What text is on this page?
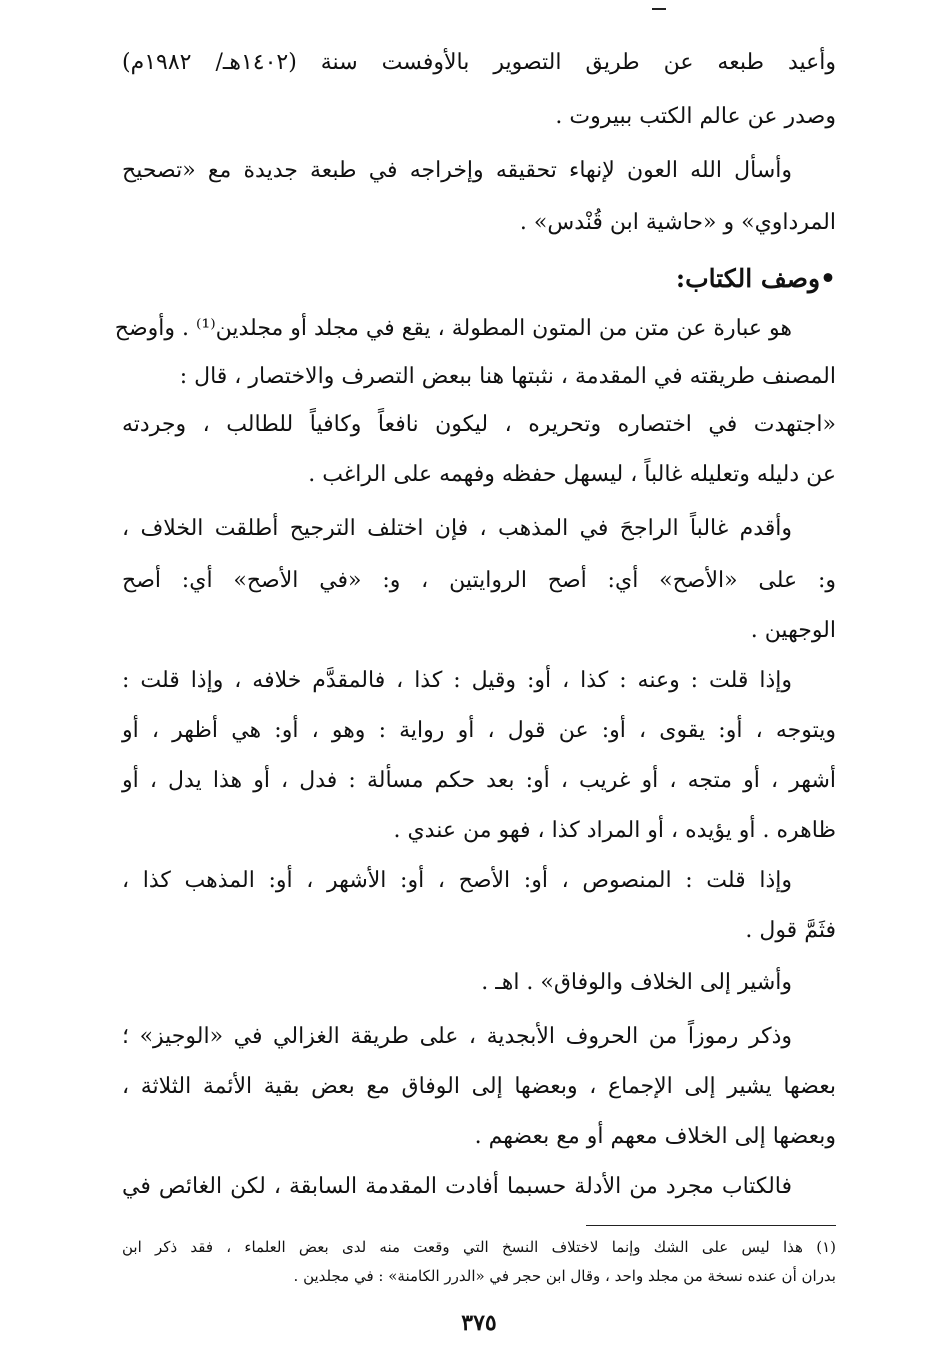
وأعيد طبعه عن طريق التصوير بالأوفست سنة (١٤٠٢هـ/ ١٩٨٢م)
وصدر عن عالم الكتب ببيروت .
وأسأل الله العون لإنهاء تحقيقه وإخراجه في طبعة جديدة مع «تصحيح
المرداوي» و «حاشية ابن قُنْدس» .
•وصف الكتاب:
هو عبارة عن متن من المتون المطولة ، يقع في مجلد أو مجلدين⁽¹⁾ . وأوضح
المصنف طريقته في المقدمة ، نثبتها هنا ببعض التصرف والاختصار ، قال :
«اجتهدت في اختصاره وتحريره ، ليكون نافعاً وكافياً للطالب ، وجردته
عن دليله وتعليله غالباً ، ليسهل حفظه وفهمه على الراغب .
وأقدم غالباً الراجحَ في المذهب ، فإن اختلف الترجيح أطلقت الخلاف ،
و: على «الأصح» أي: أصح الروايتين ، و: «في الأصح» أي: أصح
الوجهين .
وإذا قلت : وعنه : كذا ، أو: وقيل : كذا ، فالمقدَّم خلافه ، وإذا قلت :
ويتوجه ، أو: يقوى ، أو: عن قول ، أو رواية : وهو ، أو: هي أظهر ، أو
أشهر ، أو متجه ، أو غريب ، أو: بعد حكم مسألة : فدل ، أو هذا يدل ، أو
ظاهره . أو يؤيده ، أو المراد كذا ، فهو من عندي .
وإذا قلت : المنصوص ، أو: الأصح ، أو: الأشهر ، أو: المذهب كذا ،
فثَمَّ قول .
وأشير إلى الخلاف والوفاق» . اهـ .
وذكر رموزاً من الحروف الأبجدية ، على طريقة الغزالي في «الوجيز» ؛
بعضها يشير إلى الإجماع ، وبعضها إلى الوفاق مع بعض بقية الأئمة الثلاثة ،
وبعضها إلى الخلاف معهم أو مع بعضهم .
فالكتاب مجرد من الأدلة حسبما أفادت المقدمة السابقة ، لكن الغائص في
(١) هذا ليس على الشك وإنما لاختلاف النسخ التي وقعت منه لدى بعض العلماء ، فقد ذكر ابن
بدران أن عنده نسخة من مجلد واحد ، وقال ابن حجر في «الدرر الكامنة» : في مجلدين .
٣٧٥
